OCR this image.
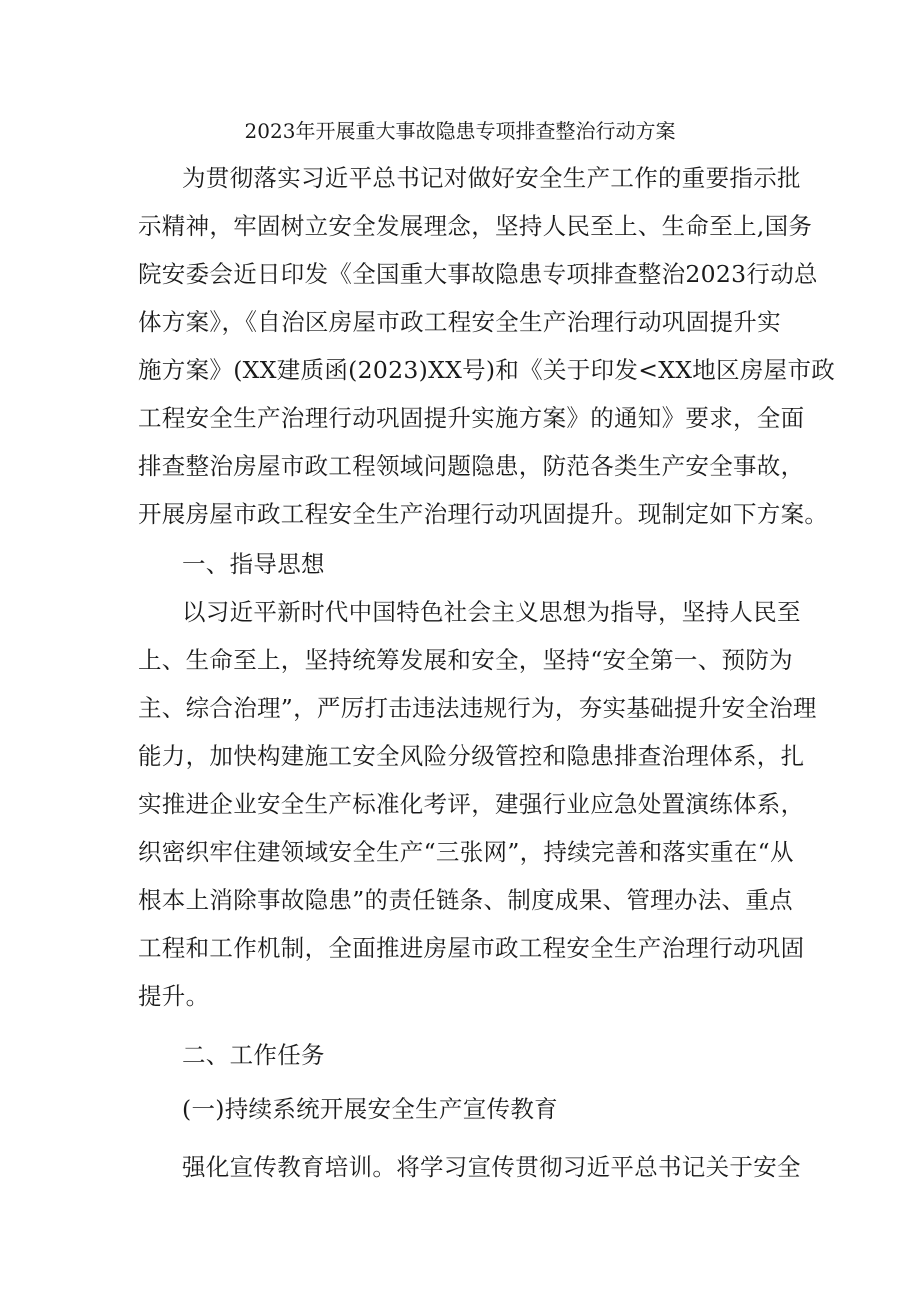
2023年开展重大事故隐患专项排查整治行动方案
为贯彻落实习近平总书记对做好安全生产工作的重要指示批
示精神，牢固树立安全发展理念，坚持人民至上、生命至上,国务
院安委会近日印发《全国重大事故隐患专项排查整治2023行动总
体方案》，《自治区房屋市政工程安全生产治理行动巩固提升实
施方案》(XX建质函(2023)XX号)和《关于印发<XX地区房屋市政
工程安全生产治理行动巩固提升实施方案》的通知》要求，全面
排查整治房屋市政工程领域问题隐患，防范各类生产安全事故，
开展房屋市政工程安全生产治理行动巩固提升。现制定如下方案。
一、指导思想
以习近平新时代中国特色社会主义思想为指导，坚持人民至
上、生命至上，坚持统筹发展和安全，坚持“安全第一、预防为
主、综合治理”，严厉打击违法违规行为，夯实基础提升安全治理
能力，加快构建施工安全风险分级管控和隐患排查治理体系，扎
实推进企业安全生产标准化考评，建强行业应急处置演练体系，
织密织牢住建领域安全生产“三张网”，持续完善和落实重在“从
根本上消除事故隐患”的责任链条、制度成果、管理办法、重点
工程和工作机制，全面推进房屋市政工程安全生产治理行动巩固
提升。
二、工作任务
(一)持续系统开展安全生产宣传教育
强化宣传教育培训。将学习宣传贯彻习近平总书记关于安全
